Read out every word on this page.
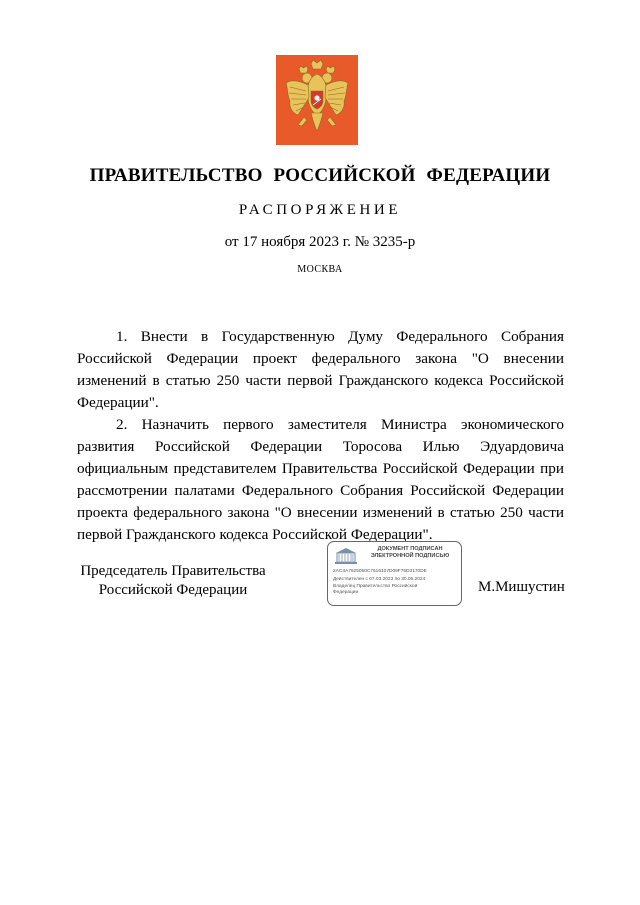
ПРАВИТЕЛЬСТВО РОССИЙСКОЙ ФЕДЕРАЦИИ
РАСПОРЯЖЕНИЕ
от 17 ноября 2023 г. № 3235-р
МОСКВА

1. Внести в Государственную Думу Федерального Собрания Российской Федерации проект федерального закона "О внесении изменений в статью 250 части первой Гражданского кодекса Российской Федерации".

2. Назначить первого заместителя Министра экономического развития Российской Федерации Торосова Илью Эдуардовича официальным представителем Правительства Российской Федерации при рассмотрении палатами Федерального Собрания Российской Федерации проекта федерального закона "О внесении изменений в статью 250 части первой Гражданского кодекса Российской Федерации".

Председатель Правительства Российской Федерации
ДОКУМЕНТ ПОДПИСАН ЭЛЕКТРОННОЙ ПОДПИСЬЮ
2AC3A7925050C7616107D09F76D3170DE
Действителен с 07.03.2023 по 30.05.2024
Владелец Правительство Российской Федерации	М.Мишустин
